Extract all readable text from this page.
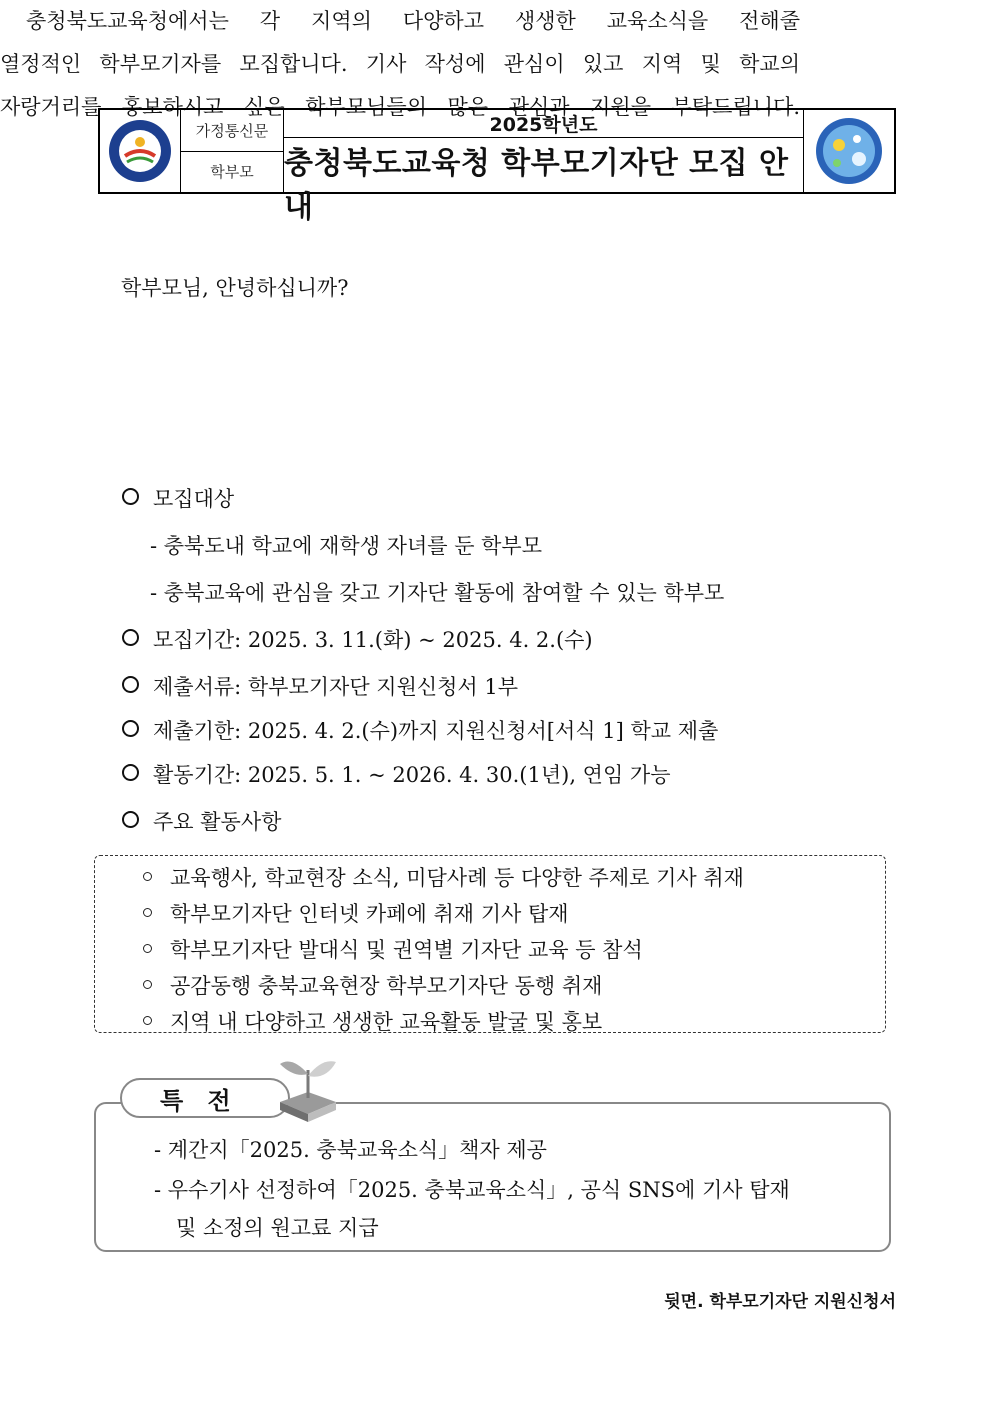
가정통신문
학부모
2025학년도
충청북도교육청 학부모기자단 모집 안내
학부모님, 안녕하십니까?
충청북도교육청에서는 각 지역의 다양하고 생생한 교육소식을 전해줄
열정적인 학부모기자를 모집합니다. 기사 작성에 관심이 있고 지역 및 학교의
자랑거리를 홍보하시고 싶은 학부모님들의 많은 관심과 지원을 부탁드립니다.
모집대상
- 충북도내 학교에 재학생 자녀를 둔 학부모
- 충북교육에 관심을 갖고 기자단 활동에 참여할 수 있는 학부모
모집기간: 2025. 3. 11.(화) ~ 2025. 4. 2.(수)
제출서류: 학부모기자단 지원신청서 1부
제출기한: 2025. 4. 2.(수)까지 지원신청서[서식 1] 학교 제출
활동기간: 2025. 5. 1. ~ 2026. 4. 30.(1년), 연임 가능
주요 활동사항
교육행사, 학교현장 소식, 미담사례 등 다양한 주제로 기사 취재
학부모기자단 인터넷 카페에 취재 기사 탑재
학부모기자단 발대식 및 권역별 기자단 교육 등 참석
공감동행 충북교육현장 학부모기자단 동행 취재
지역 내 다양하고 생생한 교육활동 발굴 및 홍보
- 계간지「2025. 충북교육소식」책자 제공
- 우수기사 선정하여「2025. 충북교육소식」, 공식 SNS에 기사 탑재
및 소정의 원고료 지급
특 전
뒷면. 학부모기자단 지원신청서
